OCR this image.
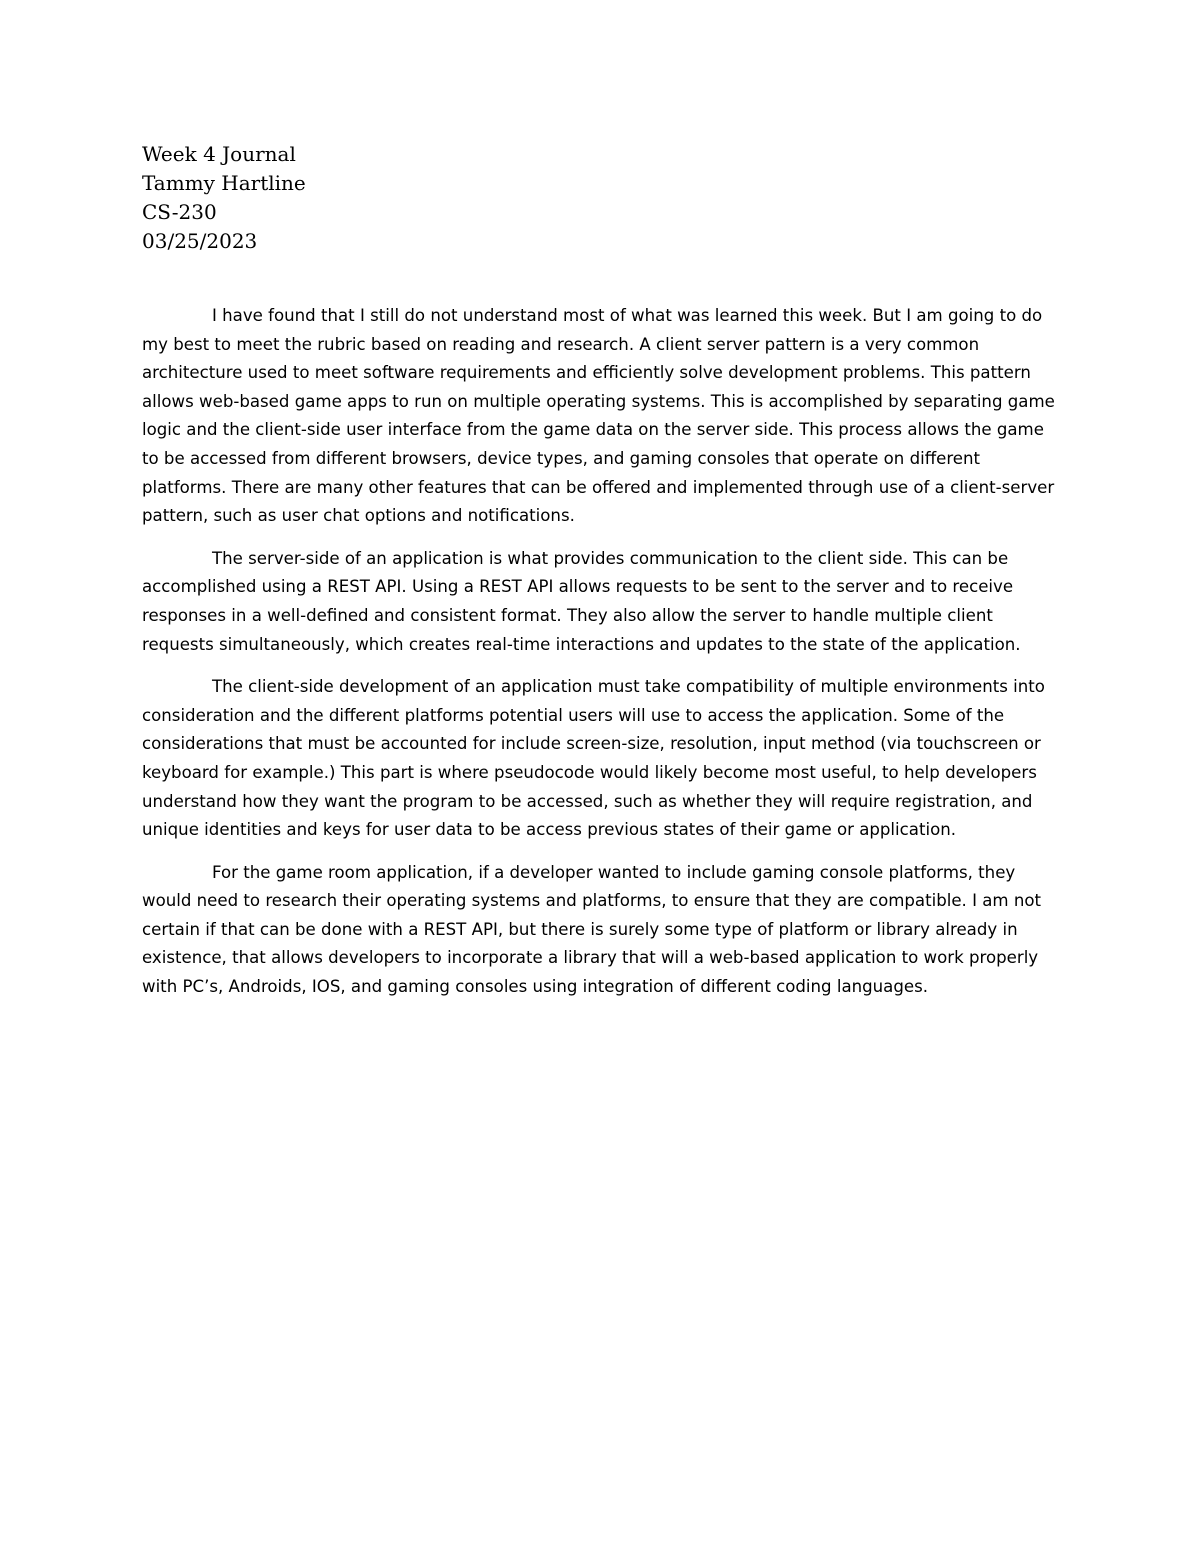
Week 4 Journal

Tammy Hartline

CS-230

03/25/2023

I have found that I still do not understand most of what was learned this week. But I am going to do my best to meet the rubric based on reading and research. A client server pattern is a very common architecture used to meet software requirements and efficiently solve development problems. This pattern allows web-based game apps to run on multiple operating systems. This is accomplished by separating game logic and the client-side user interface from the game data on the server side. This process allows the game to be accessed from different browsers, device types, and gaming consoles that operate on different platforms. There are many other features that can be offered and implemented through use of a client-server pattern, such as user chat options and notifications.

The server-side of an application is what provides communication to the client side. This can be accomplished using a REST API. Using a REST API allows requests to be sent to the server and to receive responses in a well-defined and consistent format. They also allow the server to handle multiple client requests simultaneously, which creates real-time interactions and updates to the state of the application.

The client-side development of an application must take compatibility of multiple environments into consideration and the different platforms potential users will use to access the application. Some of the considerations that must be accounted for include screen-size, resolution, input method (via touchscreen or keyboard for example.) This part is where pseudocode would likely become most useful, to help developers understand how they want the program to be accessed, such as whether they will require registration, and unique identities and keys for user data to be access previous states of their game or application.

For the game room application, if a developer wanted to include gaming console platforms, they would need to research their operating systems and platforms, to ensure that they are compatible. I am not certain if that can be done with a REST API, but there is surely some type of platform or library already in existence, that allows developers to incorporate a library that will a web-based application to work properly with PC’s, Androids, IOS, and gaming consoles using integration of different coding languages.
